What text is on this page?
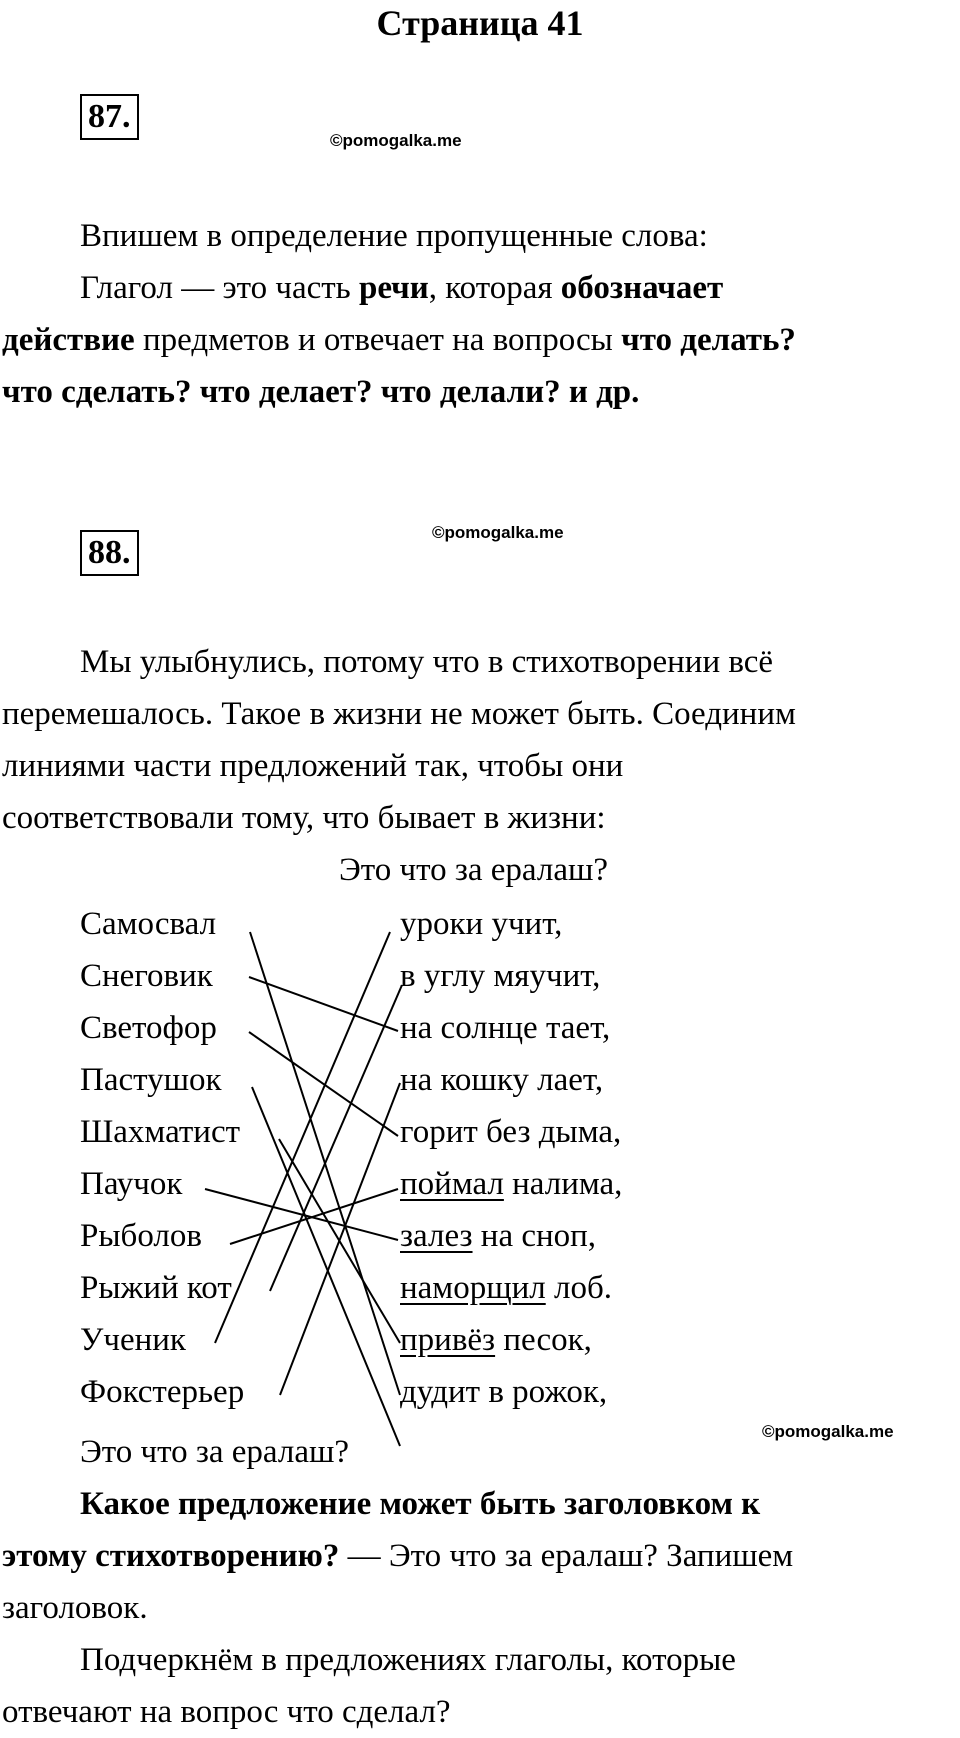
Страница 41
87.
©pomogalka.me
Впишем в определение пропущенные слова:
Глагол — это часть речи, которая обозначает
действие предметов и отвечает на вопросы что делать?
что сделать? что делает? что делали? и др.
88.
©pomogalka.me
Мы улыбнулись, потому что в стихотворении всё
перемешалось. Такое в жизни не может быть. Соединим
линиями части предложений так, чтобы они
соответствовали тому, что бывает в жизни:
Это что за ералаш?
Самосвал
Снеговик
Светофор
Пастушок
Шахматист
Паучок
Рыболов
Рыжий кот
Ученик
Фокстерьер
уроки учит,
в углу мяучит,
на солнце тает,
на кошку лает,
горит без дыма,
поймал налима,
залез на сноп,
наморщил лоб.
привёз песок,
дудит в рожок,
©pomogalka.me
Это что за ералаш?
Какое предложение может быть заголовком к
этому стихотворению? — Это что за ералаш? Запишем
заголовок.
Подчеркнём в предложениях глаголы, которые
отвечают на вопрос что сделал?
